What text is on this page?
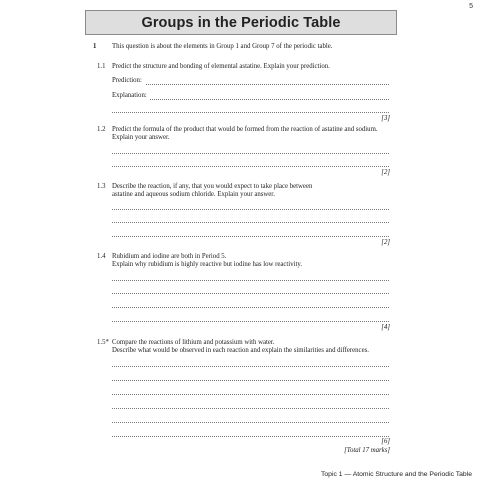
5
Groups in the Periodic Table
1 This question is about the elements in Group 1 and Group 7 of the periodic table.
1.1 Predict the structure and bonding of elemental astatine. Explain your prediction.
Prediction:
Explanation:
[3]
1.2 Predict the formula of the product that would be formed from the reaction of astatine and sodium.
Explain your answer.
[2]
1.3 Describe the reaction, if any, that you would expect to take place between
astatine and aqueous sodium chloride. Explain your answer.
[2]
1.4 Rubidium and iodine are both in Period 5.
Explain why rubidium is highly reactive but iodine has low reactivity.
[4]
1.5* Compare the reactions of lithium and potassium with water.
Describe what would be observed in each reaction and explain the similarities and differences.
[6]
[Total 17 marks]
Topic 1 — Atomic Structure and the Periodic Table
